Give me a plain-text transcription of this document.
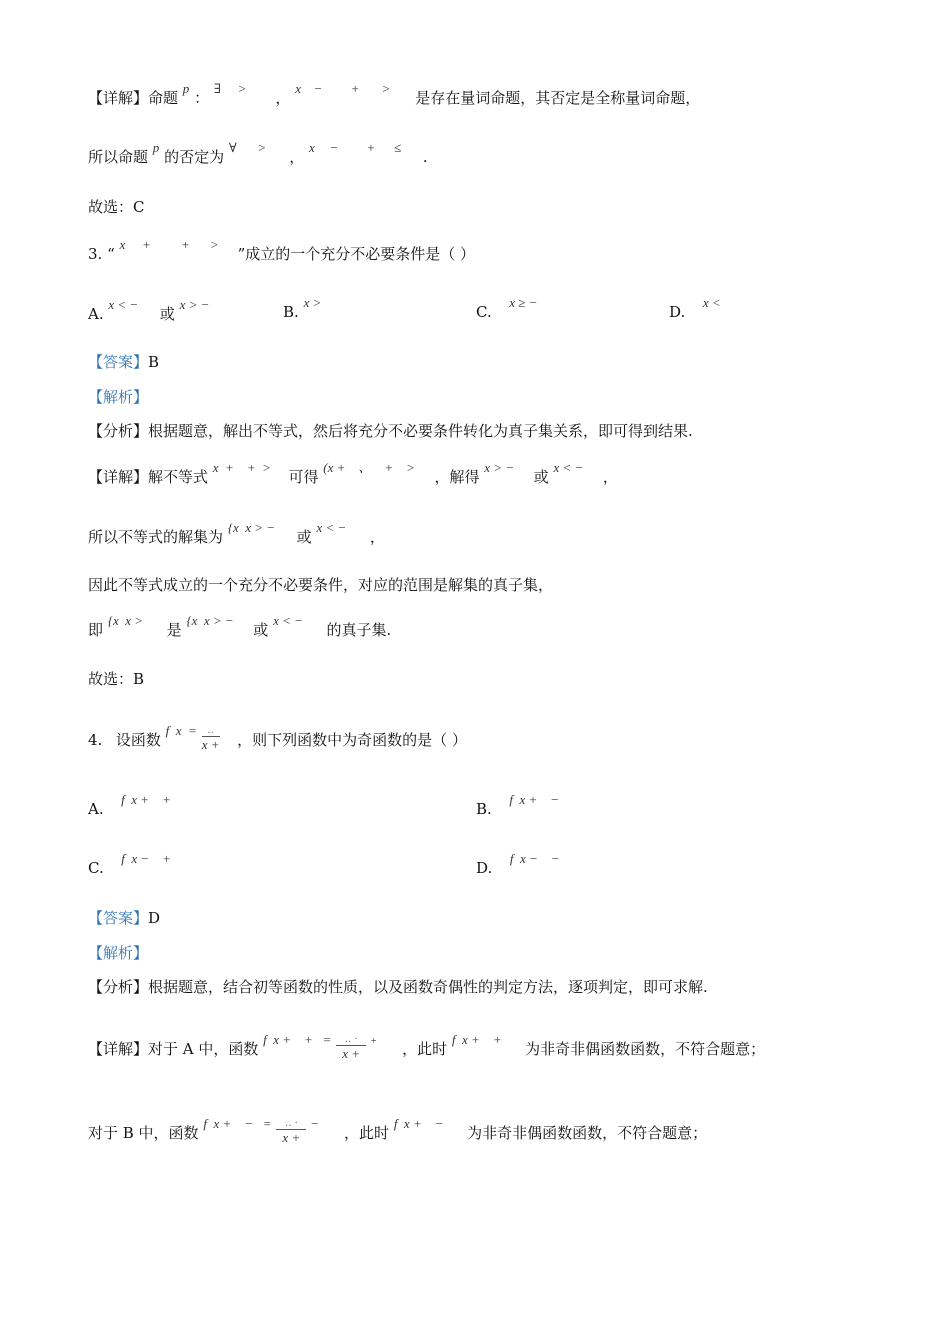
【详解】命题 p ： ∃ >  ， x − + >  是存在量词命题，其否定是全称量词命题，
所以命题 p 的否定为 ∀ >  ， x − + ≤  .
故选：C
3. “ x + + >  ”成立的一个充分不必要条件是（ ）
A. x < −  或 x > −	B. x >
C.  x ≥ −
D.  x <
【答案】B
【解析】
【分析】根据题意，解出不等式，然后将充分不必要条件转化为真子集关系，即可得到结果.
【详解】解不等式 x  +    +  >  可得 (x +    、    +    >  ，解得 x > −  或 x < −  ，
所以不等式的解集为 {x  x > −  或 x < −  ，
因此不等式成立的一个充分不必要条件，对应的范围是解集的真子集，
即 {x  x >  是 {x  x > −  或 x < −  的真子集.
故选：B
4. 设函数 f  $x = \frac{‥}{x +}$ ，则下列函数中为奇函数的是（ ）
A.  f  x +    +
B.  f  x +    −
C.  f  x −    +
D.  f  x −    −
【答案】D
【解析】
【分析】根据题意，结合初等函数的性质，以及函数奇偶性的判定方法，逐项判定，即可求解.
【详解】对于 A 中，函数 f  x +    +   = $\frac{‥ \cdot}{x +} ^+$ ，此时 f  x +    +  为非奇非偶函数函数，不符合题意；
对于 B 中，函数 f  x +    −   = $\frac{‥ \cdot}{x +}$ −  ，此时 f  x +    −  为非奇非偶函数函数，不符合题意；
